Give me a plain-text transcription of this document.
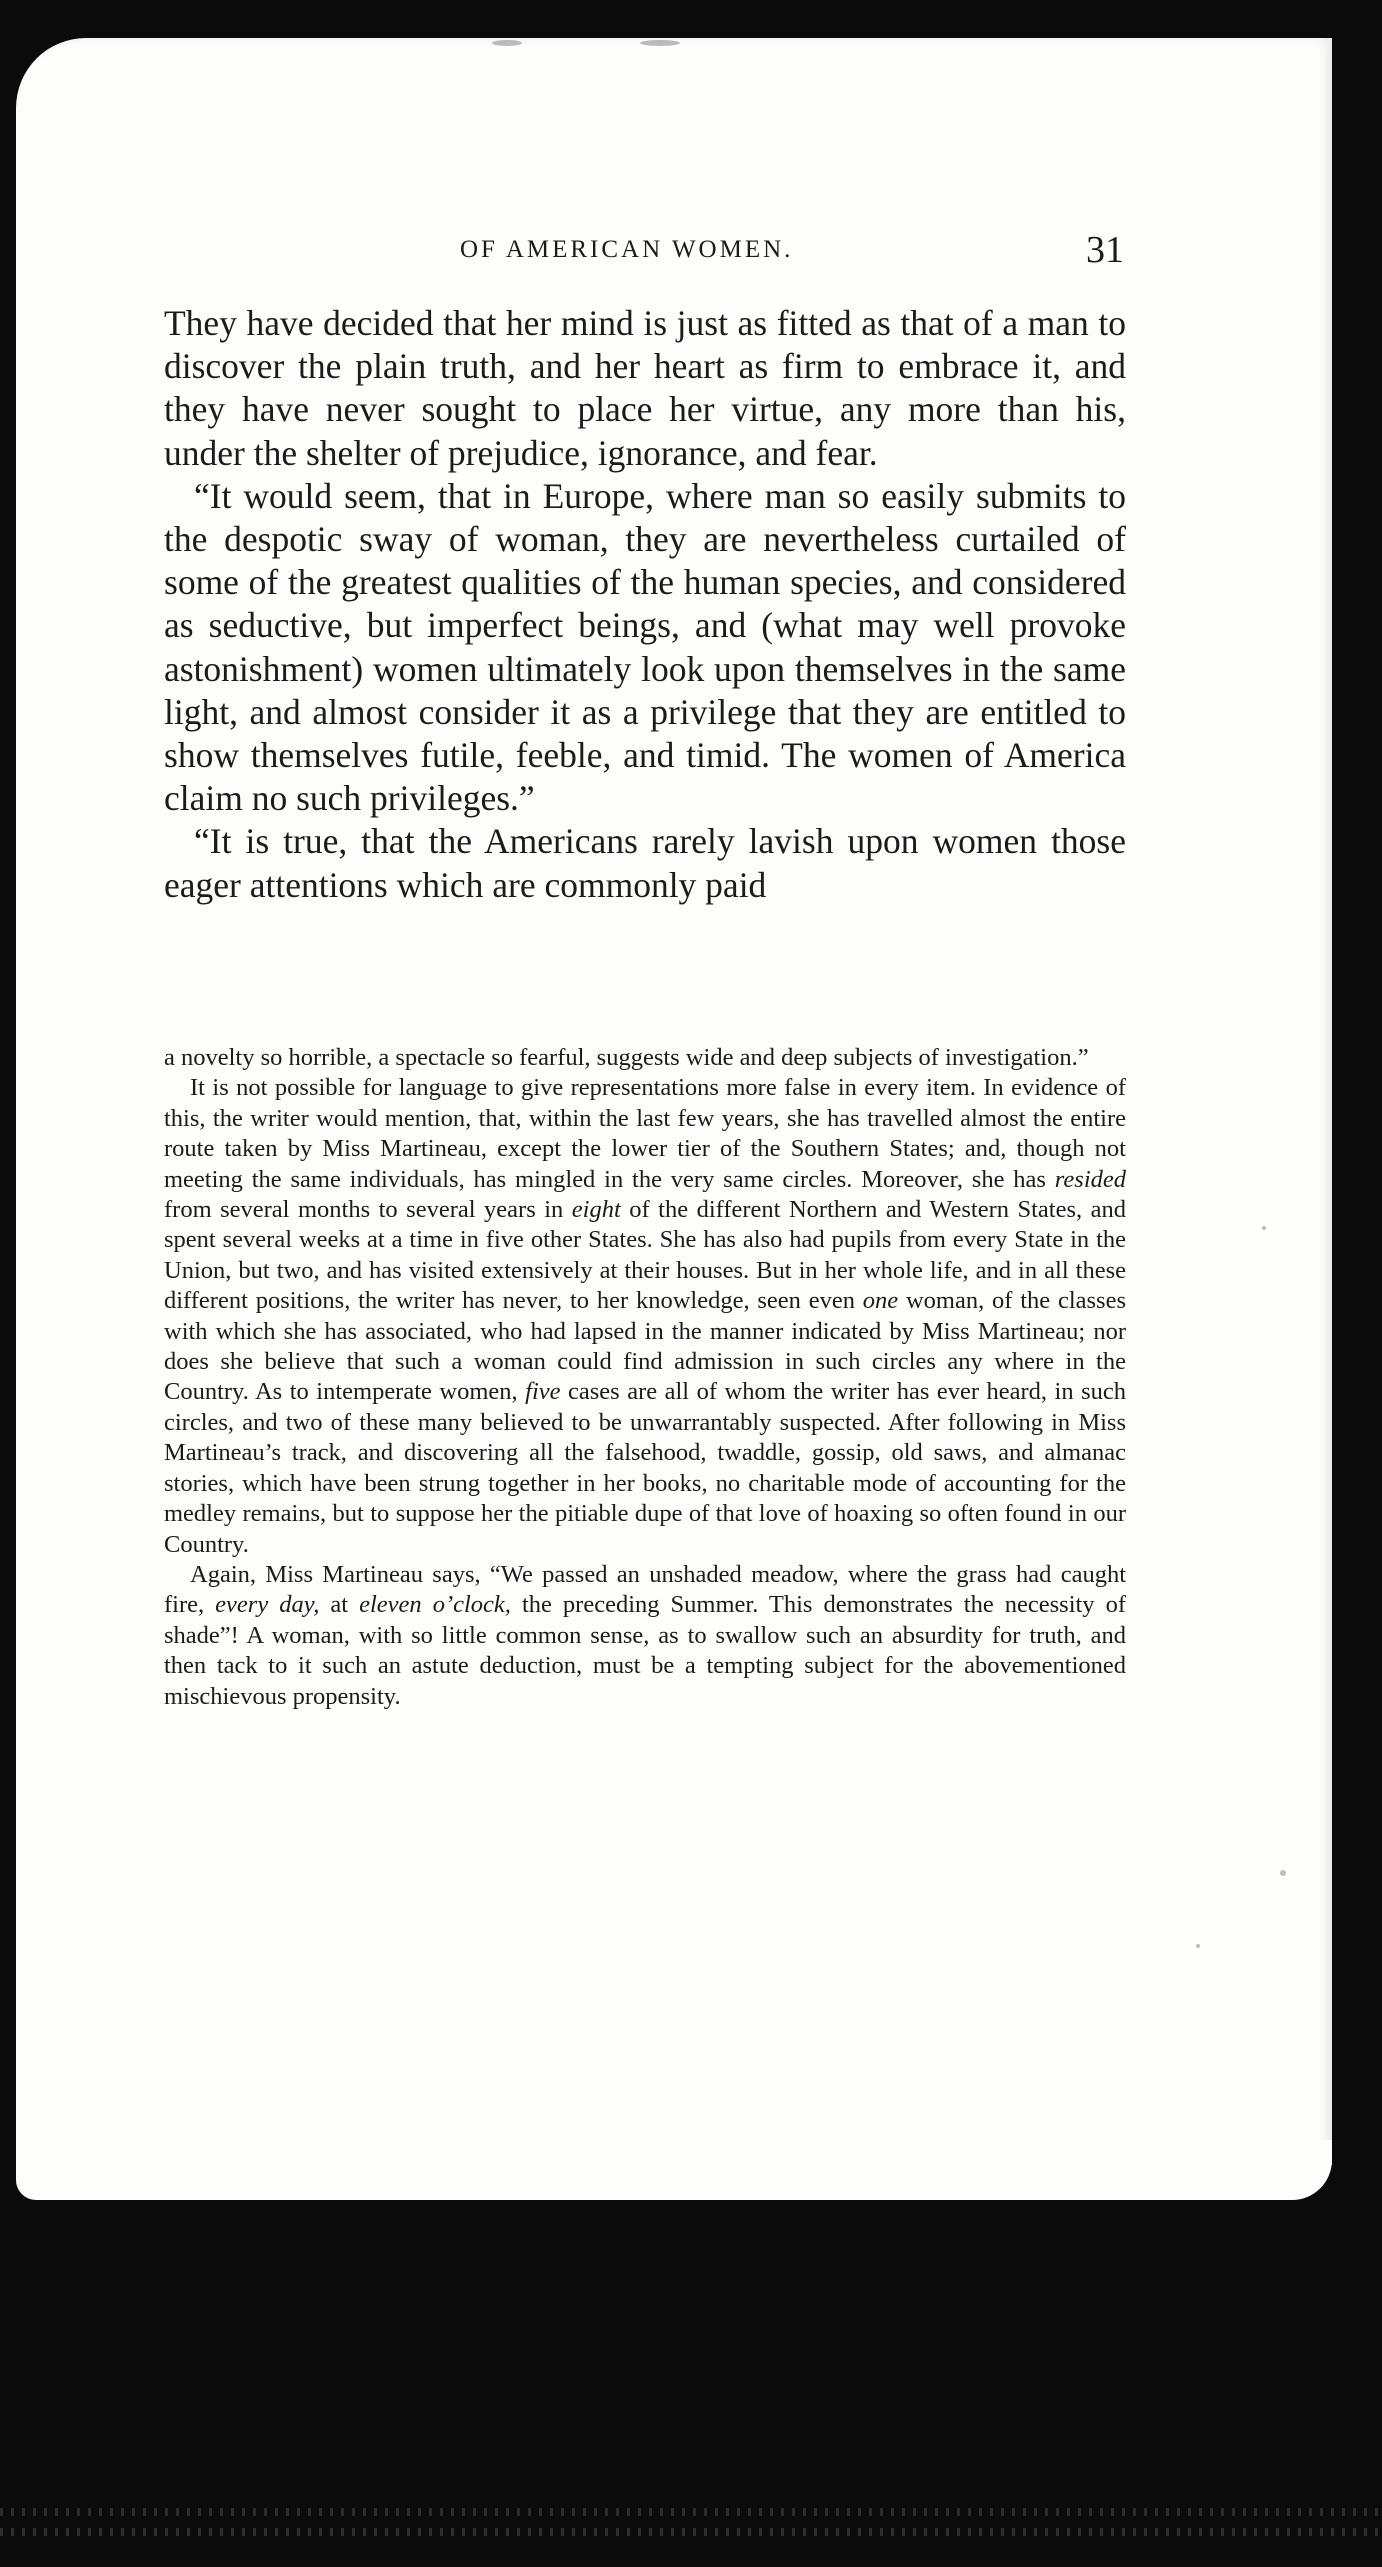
OF AMERICAN WOMEN.	31

They have decided that her mind is just as fitted as that of a man to discover the plain truth, and her heart as firm to embrace it, and they have never sought to place her virtue, any more than his, under the shelter of prejudice, ignorance, and fear.

“It would seem, that in Europe, where man so easily submits to the despotic sway of woman, they are nevertheless curtailed of some of the greatest qualities of the human species, and considered as seductive, but imperfect beings, and (what may well provoke astonishment) women ultimately look upon themselves in the same light, and almost consider it as a privilege that they are entitled to show themselves futile, feeble, and timid. The women of America claim no such privileges.”

“It is true, that the Americans rarely lavish upon women those eager attentions which are commonly paid

a novelty so horrible, a spectacle so fearful, suggests wide and deep subjects of investigation.”

It is not possible for language to give representations more false in every item. In evidence of this, the writer would mention, that, within the last few years, she has travelled almost the entire route taken by Miss Martineau, except the lower tier of the Southern States; and, though not meeting the same individuals, has mingled in the very same circles. Moreover, she has resided from several months to several years in eight of the different Northern and Western States, and spent several weeks at a time in five other States. She has also had pupils from every State in the Union, but two, and has visited extensively at their houses. But in her whole life, and in all these different positions, the writer has never, to her knowledge, seen even one woman, of the classes with which she has associated, who had lapsed in the manner indicated by Miss Martineau; nor does she believe that such a woman could find admission in such circles any where in the Country. As to intemperate women, five cases are all of whom the writer has ever heard, in such circles, and two of these many believed to be unwarrantably suspected. After following in Miss Martineau’s track, and discovering all the falsehood, twaddle, gossip, old saws, and almanac stories, which have been strung together in her books, no charitable mode of accounting for the medley remains, but to suppose her the pitiable dupe of that love of hoaxing so often found in our Country.

Again, Miss Martineau says, “We passed an unshaded meadow, where the grass had caught fire, every day, at eleven o’clock, the preceding Summer. This demonstrates the necessity of shade”! A woman, with so little common sense, as to swallow such an absurdity for truth, and then tack to it such an astute deduction, must be a tempting subject for the abovementioned mischievous propensity.
